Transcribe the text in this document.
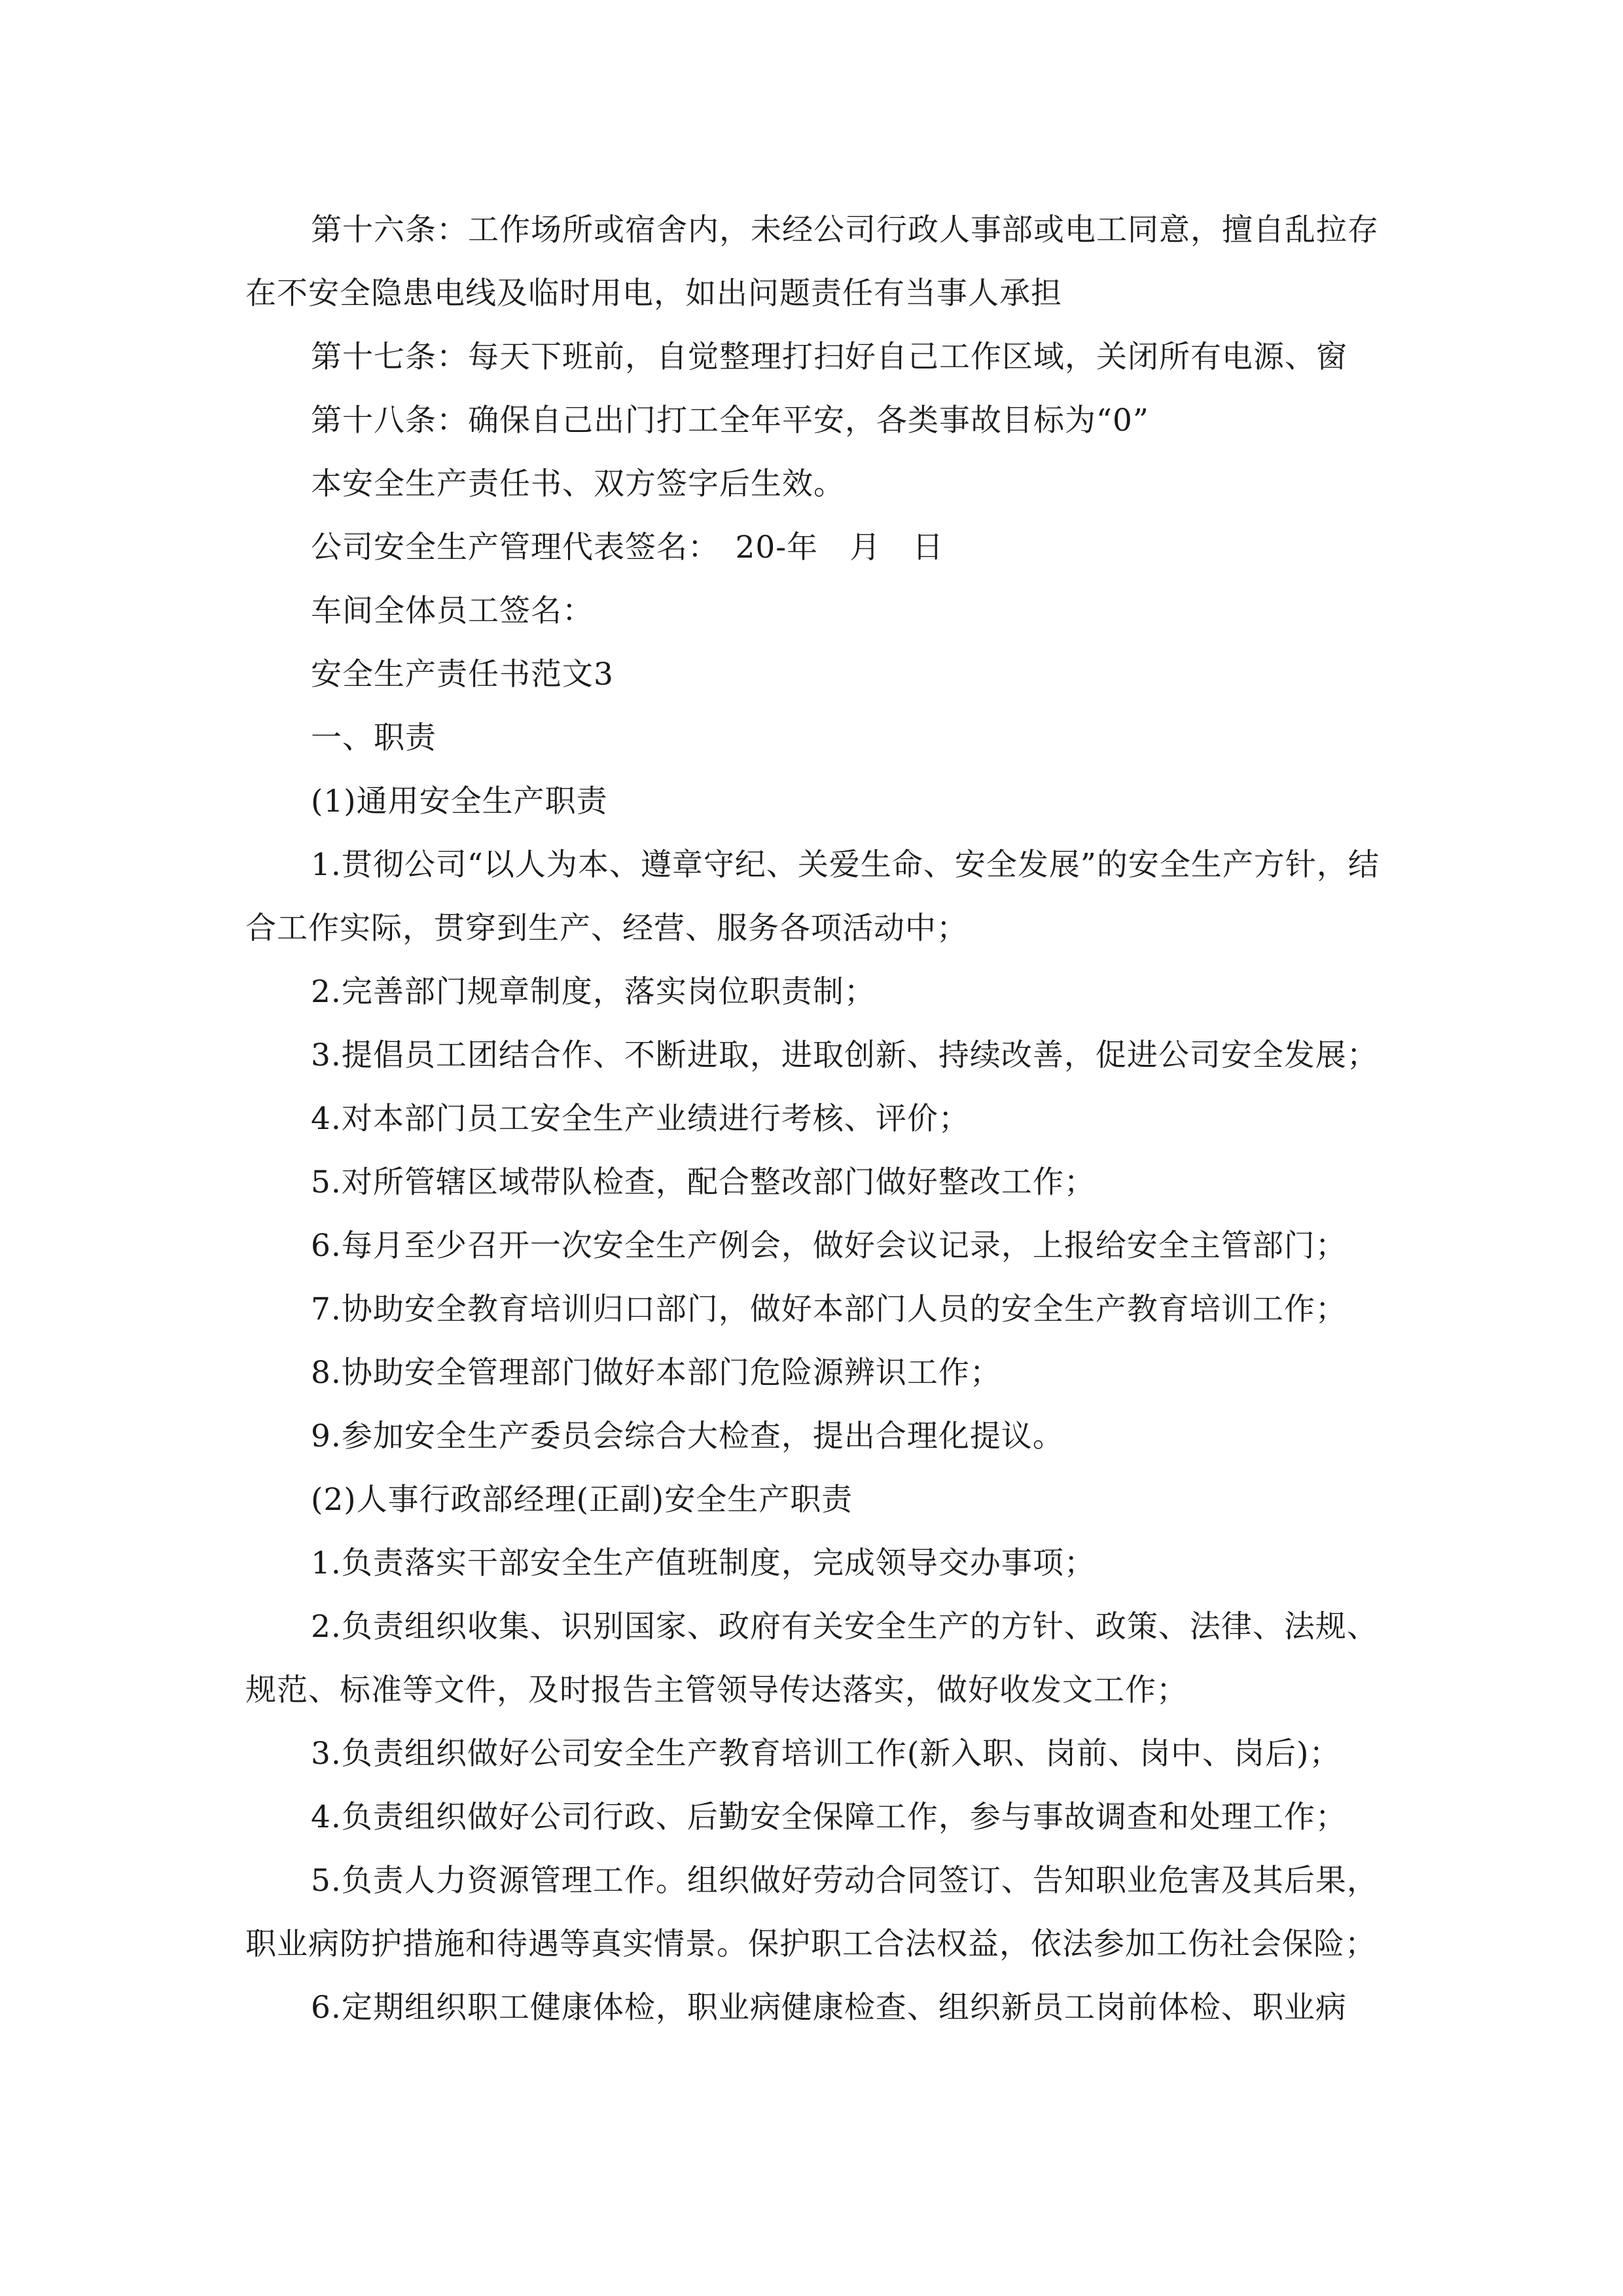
第十六条：工作场所或宿舍内，未经公司行政人事部或电工同意，擅自乱拉存在不安全隐患电线及临时用电，如出问题责任有当事人承担

第十七条：每天下班前，自觉整理打扫好自己工作区域，关闭所有电源、窗

第十八条：确保自己出门打工全年平安，各类事故目标为“0”

本安全生产责任书、双方签字后生效。

公司安全生产管理代表签名：　20-年　月　日

车间全体员工签名：

安全生产责任书范文3

一、职责

(1)通用安全生产职责

1.贯彻公司“以人为本、遵章守纪、关爱生命、安全发展”的安全生产方针，结合工作实际，贯穿到生产、经营、服务各项活动中；

2.完善部门规章制度，落实岗位职责制；

3.提倡员工团结合作、不断进取，进取创新、持续改善，促进公司安全发展；

4.对本部门员工安全生产业绩进行考核、评价；

5.对所管辖区域带队检查，配合整改部门做好整改工作；

6.每月至少召开一次安全生产例会，做好会议记录，上报给安全主管部门；

7.协助安全教育培训归口部门，做好本部门人员的安全生产教育培训工作；

8.协助安全管理部门做好本部门危险源辨识工作；

9.参加安全生产委员会综合大检查，提出合理化提议。

(2)人事行政部经理(正副)安全生产职责

1.负责落实干部安全生产值班制度，完成领导交办事项；

2.负责组织收集、识别国家、政府有关安全生产的方针、政策、法律、法规、规范、标准等文件，及时报告主管领导传达落实，做好收发文工作；

3.负责组织做好公司安全生产教育培训工作(新入职、岗前、岗中、岗后)；

4.负责组织做好公司行政、后勤安全保障工作，参与事故调查和处理工作；

5.负责人力资源管理工作。组织做好劳动合同签订、告知职业危害及其后果，职业病防护措施和待遇等真实情景。保护职工合法权益，依法参加工伤社会保险；

6.定期组织职工健康体检，职业病健康检查、组织新员工岗前体检、职业病
